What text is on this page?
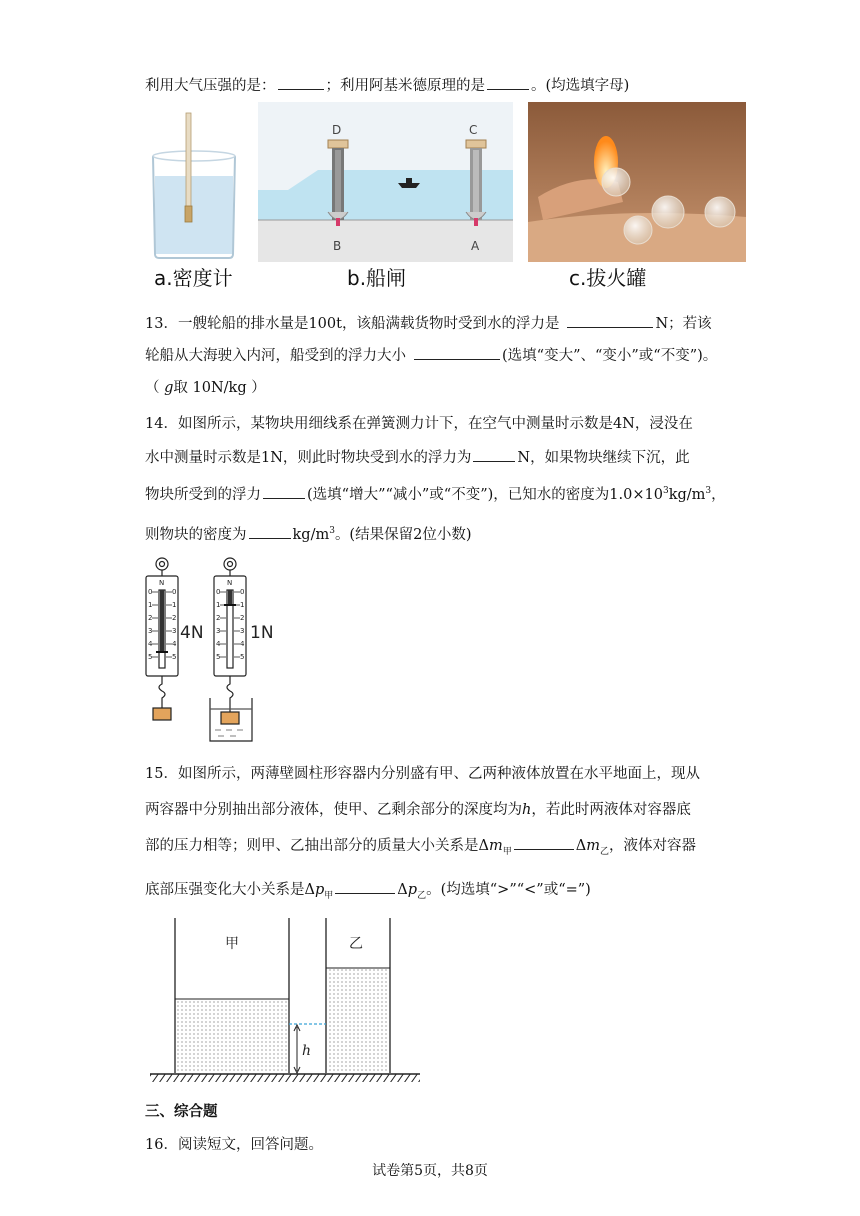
利用大气压强的是：	；利用阿基米德原理的是	。(均选填字母)
a.密度计
D	C
B	A
b.船闸	c.拔火罐
13．一艘轮船的排水量是100t，该船满载货物时受到水的浮力是	N；若该
轮船从大海驶入内河，船受到的浮力大小	(选填“变大”、“变小”或“不变”)。
（ g取 10N/kg ）
14．如图所示，某物块用细线系在弹簧测力计下，在空气中测量时示数是4N，浸没在
水中测量时示数是1N，则此时物块受到水的浮力为	N，如果物块继续下沉，此
物块所受到的浮力	(选填“增大”“减小”或“不变”)，已知水的密度为$1.0\times 10^3kg/m^3$，
则物块的密度为	$kg/m^3$。(结果保留2位小数)
N	N
0
1
2
3
4
5
0
1
2
3
4
5
0
1
2
3
4
5
0
1
2
3
4
5
4N	1N
15．如图所示，两薄壁圆柱形容器内分别盛有甲、乙两种液体放置在水平地面上，现从
两容器中分别抽出部分液体，使甲、乙剩余部分的深度均为h，若此时两液体对容器底
部的压力相等；则甲、乙抽出部分的质量大小关系是$\Delta m_甲$	$\Delta m_乙$，液体对容器
底部压强变化大小关系是$\Delta p_甲$	$\Delta p_乙$。(均选填“>”“<”或“=”)
甲	乙
h
三、综合题
16．阅读短文，回答问题。
试卷第5页，共8页
